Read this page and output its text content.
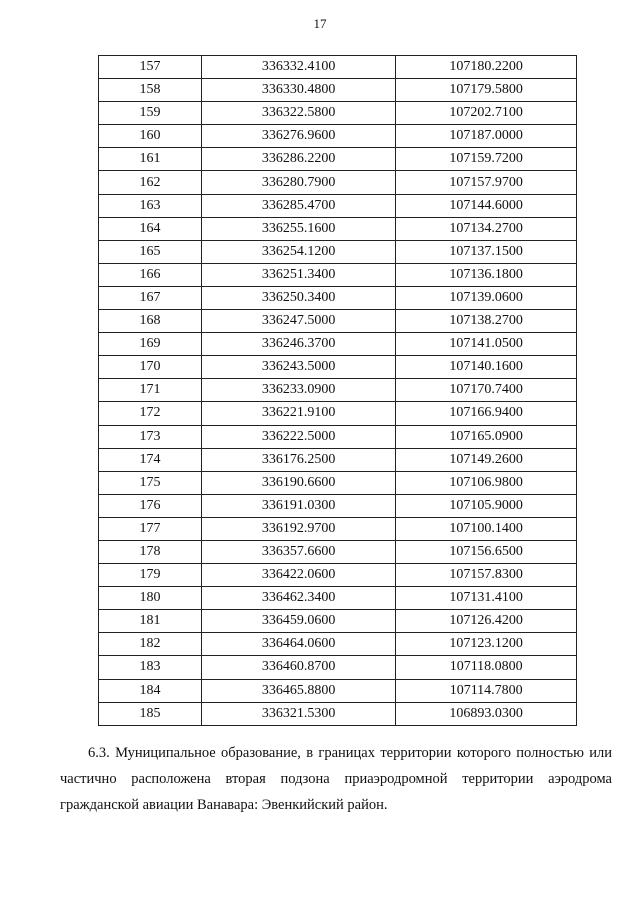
17
157	336332.4100	107180.2200
158	336330.4800	107179.5800
159	336322.5800	107202.7100
160	336276.9600	107187.0000
161	336286.2200	107159.7200
162	336280.7900	107157.9700
163	336285.4700	107144.6000
164	336255.1600	107134.2700
165	336254.1200	107137.1500
166	336251.3400	107136.1800
167	336250.3400	107139.0600
168	336247.5000	107138.2700
169	336246.3700	107141.0500
170	336243.5000	107140.1600
171	336233.0900	107170.7400
172	336221.9100	107166.9400
173	336222.5000	107165.0900
174	336176.2500	107149.2600
175	336190.6600	107106.9800
176	336191.0300	107105.9000
177	336192.9700	107100.1400
178	336357.6600	107156.6500
179	336422.0600	107157.8300
180	336462.3400	107131.4100
181	336459.0600	107126.4200
182	336464.0600	107123.1200
183	336460.8700	107118.0800
184	336465.8800	107114.7800
185	336321.5300	106893.0300

6.3. Муниципальное образование, в границах территории которого полностью или частично расположена вторая подзона приаэродромной территории аэродрома гражданской авиации Ванавара: Эвенкийский район.
